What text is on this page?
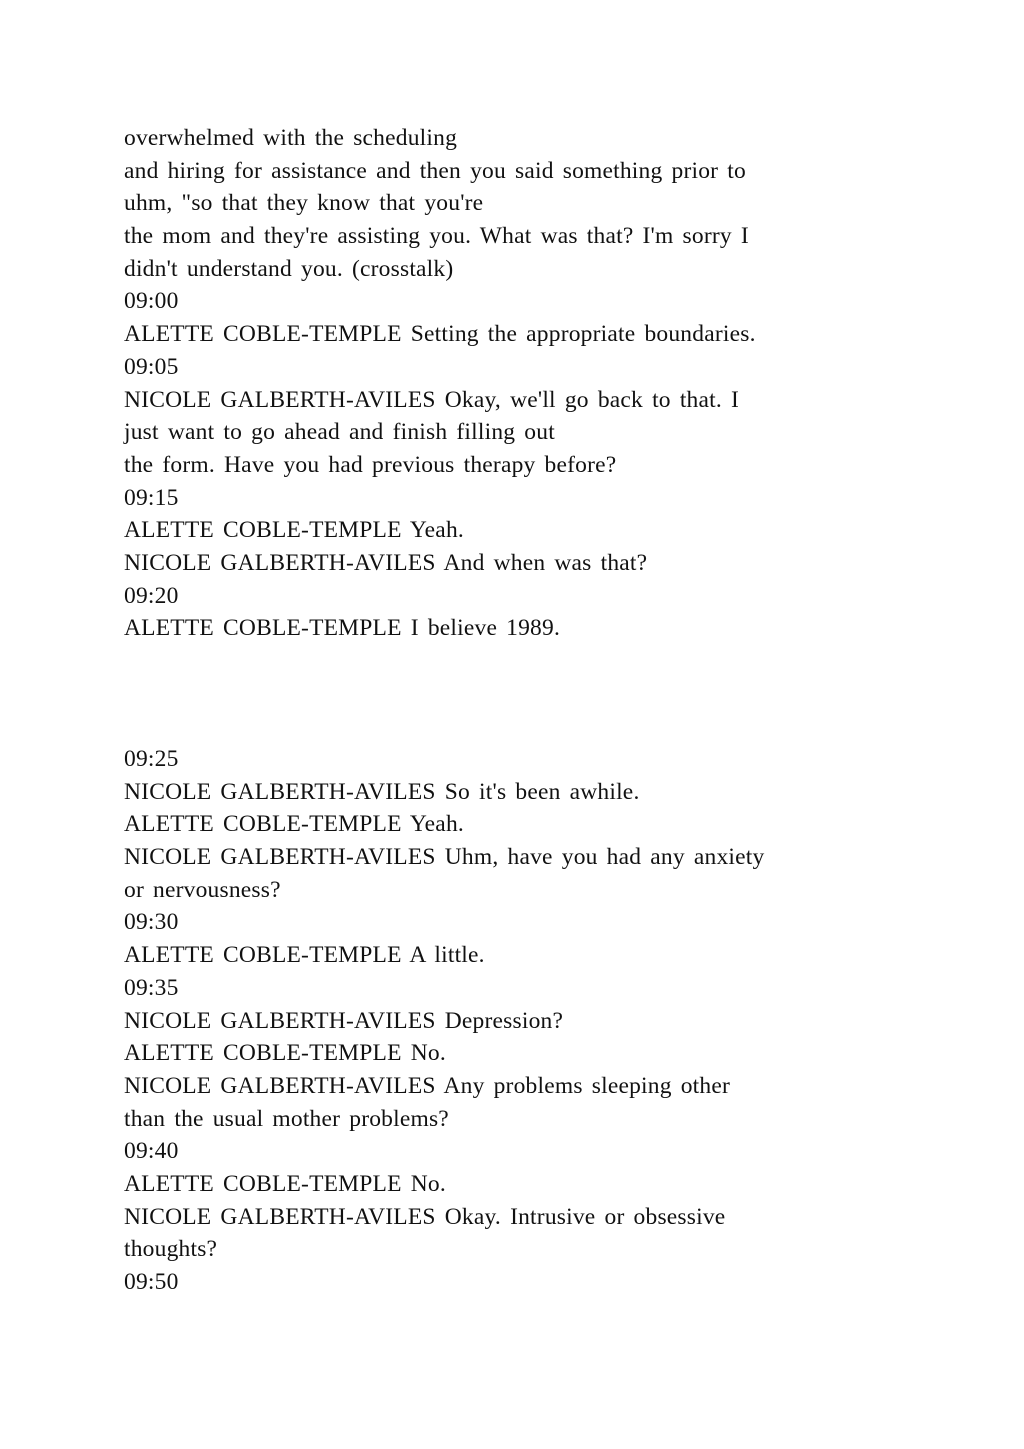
overwhelmed with the scheduling
and hiring for assistance and then you said something prior to
uhm, "so that they know that you're
the mom and they're assisting you. What was that? I'm sorry I
didn't understand you. (crosstalk)
09:00
ALETTE COBLE-TEMPLE Setting the appropriate boundaries.
09:05
NICOLE GALBERTH-AVILES Okay, we'll go back to that. I
just want to go ahead and finish filling out
the form. Have you had previous therapy before?
09:15
ALETTE COBLE-TEMPLE Yeah.
NICOLE GALBERTH-AVILES And when was that?
09:20
ALETTE COBLE-TEMPLE I believe 1989.
09:25
NICOLE GALBERTH-AVILES So it's been awhile.
ALETTE COBLE-TEMPLE Yeah.
NICOLE GALBERTH-AVILES Uhm, have you had any anxiety
or nervousness?
09:30
ALETTE COBLE-TEMPLE A little.
09:35
NICOLE GALBERTH-AVILES Depression?
ALETTE COBLE-TEMPLE No.
NICOLE GALBERTH-AVILES Any problems sleeping other
than the usual mother problems?
09:40
ALETTE COBLE-TEMPLE No.
NICOLE GALBERTH-AVILES Okay. Intrusive or obsessive
thoughts?
09:50
